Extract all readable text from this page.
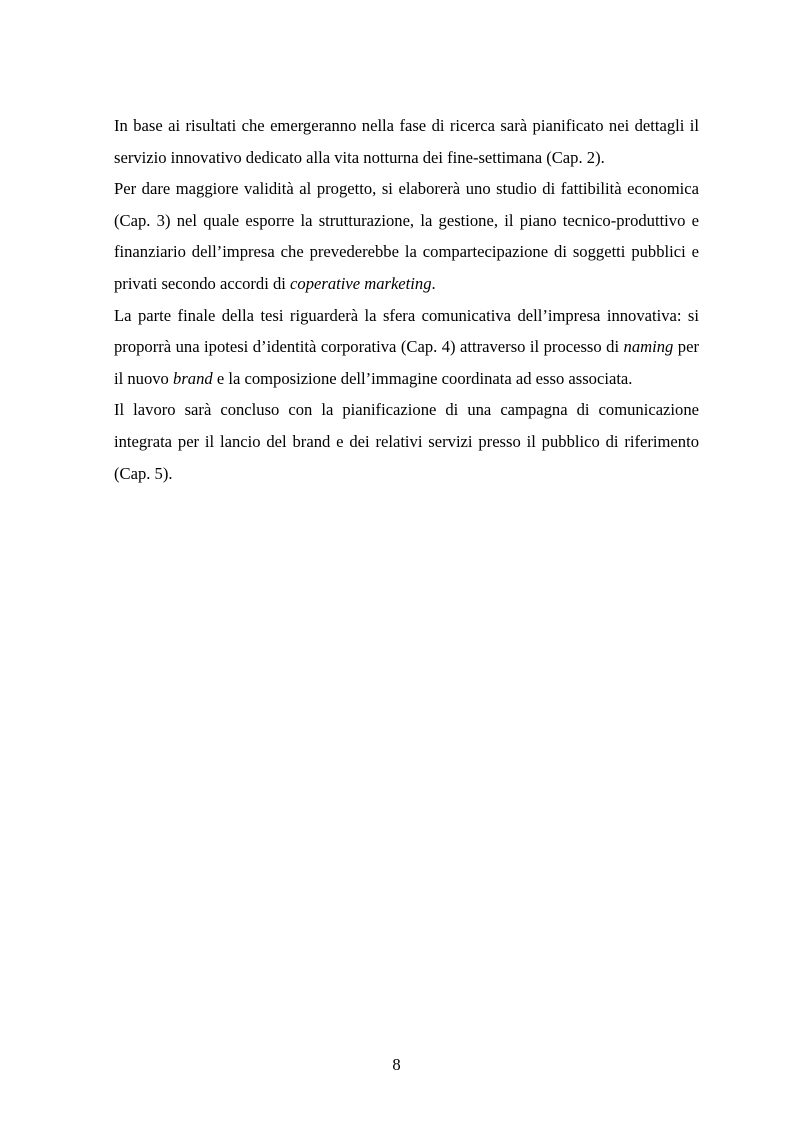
In base ai risultati che emergeranno nella fase di ricerca sarà pianificato nei dettagli il servizio innovativo dedicato alla vita notturna dei fine-settimana (Cap. 2).

Per dare maggiore validità al progetto, si elaborerà uno studio di fattibilità economica (Cap. 3) nel quale esporre la strutturazione, la gestione, il piano tecnico-produttivo e finanziario dell’impresa che prevederebbe la compartecipazione di soggetti pubblici e privati secondo accordi di coperative marketing.

La parte finale della tesi riguarderà la sfera comunicativa dell’impresa innovativa: si proporrà una ipotesi d’identità corporativa (Cap. 4) attraverso il processo di naming per il nuovo brand e la composizione dell’immagine coordinata ad esso associata.

Il lavoro sarà concluso con la pianificazione di una campagna di comunicazione integrata per il lancio del brand e dei relativi servizi presso il pubblico di riferimento (Cap. 5).

8
